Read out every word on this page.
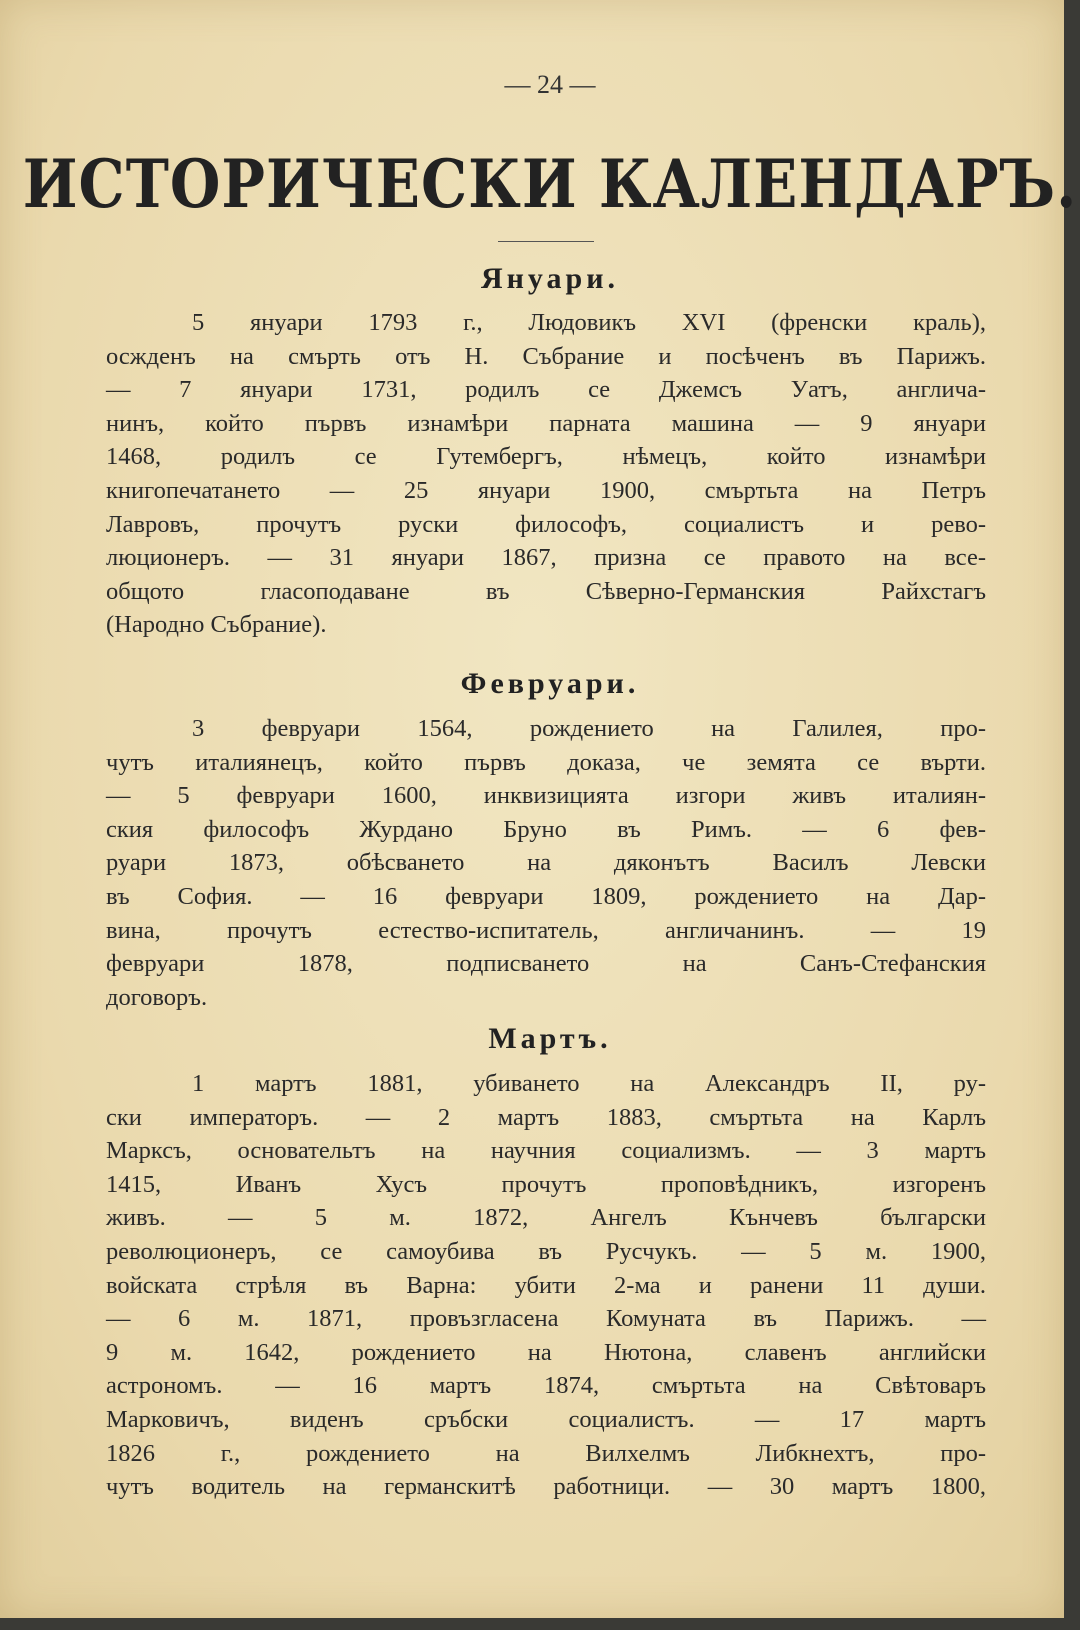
— 24 —
ИСТОРИЧЕСКИ КАЛЕНДАРЪ.
Януари.
5 януари 1793 г., Людовикъ XVI (френски краль),
осжденъ на смърть отъ Н. Събрание и посѣченъ въ Парижъ.
— 7 януари 1731, родилъ се Джемсъ Уатъ, англича-
нинъ, който първъ изнамѣри парната машина — 9 януари
1468, родилъ се Гутембергъ, нѣмецъ, който изнамѣри
книгопечатането — 25 януари 1900, смъртьта на Петръ
Лавровъ, прочутъ руски философъ, социалистъ и рево-
люционеръ. — 31 януари 1867, призна се правото на все-
общото гласоподаване въ Сѣверно-Германския Райхстагъ
(Народно Събрание).
Февруари.
3 февруари 1564, рождението на Галилея, про-
чутъ италиянецъ, който първъ доказа, че земята се върти.
— 5 февруари 1600, инквизицията изгори живъ италиян-
ския философъ Журдано Бруно въ Римъ. — 6 фев-
руари 1873, обѣсването на дяконътъ Василъ Левски
въ София. — 16 февруари 1809, рождението на Дар-
вина, прочутъ естество-испитатель, англичанинъ. — 19
февруари 1878, подписването на Санъ-Стефанския
договоръ.
Мартъ.
1 мартъ 1881, убиването на Александръ II, ру-
ски императоръ. — 2 мартъ 1883, смъртьта на Карлъ
Марксъ, основательтъ на научния социализмъ. — 3 мартъ
1415, Иванъ Хусъ прочутъ проповѣдникъ, изгоренъ
живъ. — 5 м. 1872, Ангелъ Кънчевъ български
революционеръ, се самоубива въ Русчукъ. — 5 м. 1900,
войската стрѣля въ Варна: убити 2-ма и ранени 11 души.
— 6 м. 1871, провъзгласена Комуната въ Парижъ. —
9 м. 1642, рождението на Нютона, славенъ английски
астрономъ. — 16 мартъ 1874, смъртьта на Свѣтоваръ
Марковичъ, виденъ сръбски социалистъ. — 17 мартъ
1826 г., рождението на Вилхелмъ Либкнехтъ, про-
чутъ водитель на германскитѣ работници. — 30 мартъ 1800,
